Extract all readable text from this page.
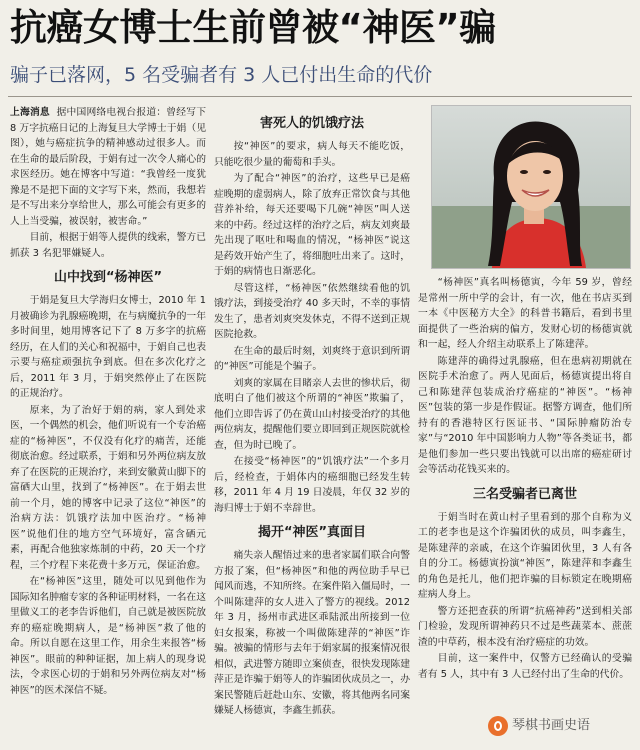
抗癌女博士生前曾被“神医”骗
骗子已落网，5 名受骗者有 3 人已付出生命的代价

上海消息 据中国网络电视台报道：曾经写下 8 万字抗癌日记的上海复旦大学博士于娟（见图），她与癌症抗争的精神感动过很多人。而在生命的最后阶段，于娟有过一次令人痛心的求医经历。她在博客中写道：“我曾经一度犹豫是不是把下面的文字写下来，然而，我想若是不写出来分享给世人，那么可能会有更多的人上当受骗，被误射，被害命。”

目前，根据于娟等人提供的线索，警方已抓获 3 名犯罪嫌疑人。

山中找到“杨神医”

于娟是复旦大学海归女博士，2010 年 1 月被确诊为乳腺癌晚期，在与病魔抗争的一年多时间里，她用博客记下了 8 万多字的抗癌经历，在人们的关心和祝福中，于娟自己也表示要与癌症顽强抗争到底。但在多次化疗之后，2011 年 3 月，于娟突然停止了在医院的正规治疗。

原来，为了治好于娟的病，家人到处求医，一个偶然的机会，他们听说有一个专治癌症的“杨神医”，不仅没有化疗的痛苦，还能彻底治愈。经过联系，于娟和另外两位病友放弃了在医院的正规治疗，来到安徽黄山脚下的富硒大山里，找到了“杨神医”。在于娟去世前一个月，她的博客中记录了这位“神医”的治病方法：饥饿疗法加中医治疗。“杨神医”说他们住的地方空气环境好，富含硒元素，再配合他独家炼制的中药，20 天一个疗程，三个疗程下来花费十多万元，保证治愈。

在“杨神医”这里，随处可以见到他作为国际知名肿瘤专家的各种证明材料，一名在这里做义工的老李告诉他们，自己就是被医院放弃的癌症晚期病人，是“杨神医”救了他的命。所以自愿在这里工作，用余生来报答“杨神医”。眼前的种种证据，加上病人的现身说法，令求医心切的于娟和另外两位病友对“杨神医”的医术深信不疑。

害死人的饥饿疗法

按“神医”的要求，病人每天不能吃饭，只能吃很少量的葡萄和手头。

为了配合“神医”的治疗，这些早已是癌症晚期的虚弱病人，除了放弃正常饮食与其他营养补给，每天还要喝下几碗“神医”叫人送来的中药。经过这样的治疗之后，病友刘爽最先出现了呕吐和喝血的情况，“杨神医”说这是药效开始产生了，将细胞吐出来了。这时，于娟的病情也日渐恶化。

尽管这样，“杨神医”依然继续看他的饥饿疗法，到接受治疗 40 多天时，不幸的事情发生了，患者刘爽突发休克，不得不送到正规医院抢救。

在生命的最后时刻，刘爽终于意识到所谓的“神医”可能是个骗子。

刘爽的家属在目睹亲人去世的惨状后，彻底明白了他们被这个所谓的“神医”欺骗了，他们立即告诉了仍在黄山山村接受治疗的其他两位病友，提醒他们要立即回到正规医院就检查，但为时已晚了。

在接受“杨神医”的“饥饿疗法”一个多月后，经检查，于娟体内的癌细胞已经发生转移，2011 年 4 月 19 日凌晨，年仅 32 岁的海归博士于娟不幸辞世。

揭开“神医”真面目

痛失亲人醒悟过来的患者家属们联合向警方报了案，但“杨神医”和他的两位助手早已闻风而逃，不知所终。在案件陷入僵局时，一个叫陈建萍的女人进入了警方的视线。2012 年 3 月，扬州市武进区乖陆派出所接到一位妇女报案，称被一个叫做陈建萍的“神医”诈骗。被骗的情形与去年于娟家属的报案情况很相似，武进警方随即立案侦查，很快发现陈建萍正是诈骗于娟等人的诈骗团伙成员之一，办案民警随后赶赴山东、安徽，将其他两名同案嫌疑人杨德寅，李鑫生抓获。

“杨神医”真名叫杨德寅，今年 59 岁，曾经是常州一所中学的会计，有一次，他在书店买到一本《中医秘方大全》的科普书籍后，看到书里面提供了一些治病的偏方，发财心切的杨德寅就和一起，经人介绍主动联系上了陈建萍。

陈建萍的确得过乳腺癌，但在患病初期就在医院手术治愈了。两人见面后，杨德寅提出将自己和陈建萍包装成治疗癌症的“神医”。“杨神医”包装的第一步是作假证。据警方调查，他们所持有的香港特区行医证书、“国际肿瘤防治专家”与“2010 年中国影响力人物”等各类证书，都是他们参加一些只要出钱就可以出席的癌症研讨会等活动花钱买来的。

三名受骗者已离世

于娟当时在黄山村子里看到的那个自称为义工的老李也是这个诈骗团伙的成员，叫李鑫生，是陈建萍的亲戚，在这个诈骗团伙里，3 人有各自的分工。杨德寅扮演“神医”，陈建萍和李鑫生的角色是托儿，他们把诈骗的目标锁定在晚期癌症病人身上。

警方还把查获的所谓“抗癌神药”送到相关部门检验，发现所谓神药只不过是些蔬菜本、蔗蔗渣的中草药，根本没有治疗癌症的功效。

目前，这一案件中，仅警方已经确认的受骗者有 5 人，其中有 3 人已经付出了生命的代价。

琴棋书画史语
